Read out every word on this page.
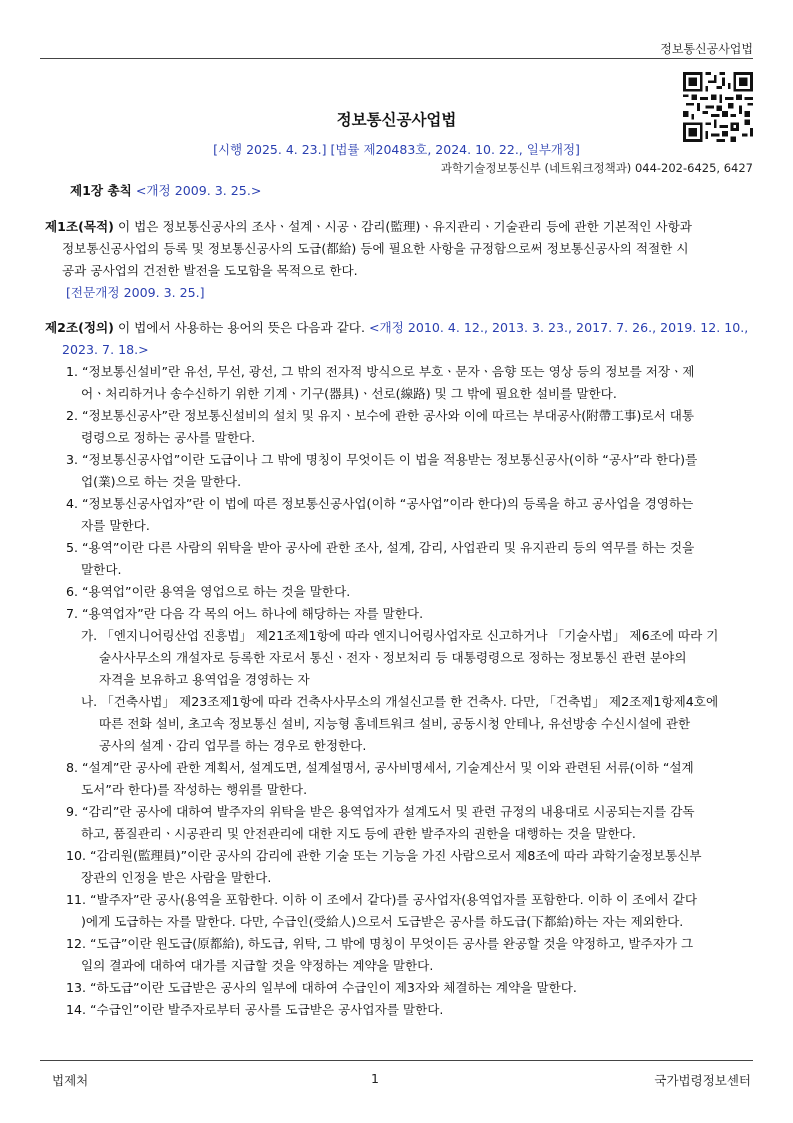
정보통신공사업법
정보통신공사업법
[시행 2025. 4. 23.] [법률 제20483호, 2024. 10. 22., 일부개정]
과학기술정보통신부 (네트워크정책과) 044-202-6425, 6427
제1장 총칙 <개정 2009. 3. 25.>
제1조(목적) 이 법은 정보통신공사의 조사ㆍ설계ㆍ시공ㆍ감리(監理)ㆍ유지관리ㆍ기술관리 등에 관한 기본적인 사항과
정보통신공사업의 등록 및 정보통신공사의 도급(都給) 등에 필요한 사항을 규정함으로써 정보통신공사의 적절한 시
공과 공사업의 건전한 발전을 도모함을 목적으로 한다.
[전문개정 2009. 3. 25.]
제2조(정의) 이 법에서 사용하는 용어의 뜻은 다음과 같다. <개정 2010. 4. 12., 2013. 3. 23., 2017. 7. 26., 2019. 12. 10.,
2023. 7. 18.>
1. “정보통신설비”란 유선, 무선, 광선, 그 밖의 전자적 방식으로 부호ㆍ문자ㆍ음향 또는 영상 등의 정보를 저장ㆍ제
어ㆍ처리하거나 송수신하기 위한 기계ㆍ기구(器具)ㆍ선로(線路) 및 그 밖에 필요한 설비를 말한다.
2. “정보통신공사”란 정보통신설비의 설치 및 유지ㆍ보수에 관한 공사와 이에 따르는 부대공사(附帶工事)로서 대통
령령으로 정하는 공사를 말한다.
3. “정보통신공사업”이란 도급이나 그 밖에 명칭이 무엇이든 이 법을 적용받는 정보통신공사(이하 “공사”라 한다)를
업(業)으로 하는 것을 말한다.
4. “정보통신공사업자”란 이 법에 따른 정보통신공사업(이하 “공사업”이라 한다)의 등록을 하고 공사업을 경영하는
자를 말한다.
5. “용역”이란 다른 사람의 위탁을 받아 공사에 관한 조사, 설계, 감리, 사업관리 및 유지관리 등의 역무를 하는 것을
말한다.
6. “용역업”이란 용역을 영업으로 하는 것을 말한다.
7. “용역업자”란 다음 각 목의 어느 하나에 해당하는 자를 말한다.
가. 「엔지니어링산업 진흥법」 제21조제1항에 따라 엔지니어링사업자로 신고하거나 「기술사법」 제6조에 따라 기
술사사무소의 개설자로 등록한 자로서 통신ㆍ전자ㆍ정보처리 등 대통령령으로 정하는 정보통신 관련 분야의
자격을 보유하고 용역업을 경영하는 자
나. 「건축사법」 제23조제1항에 따라 건축사사무소의 개설신고를 한 건축사. 다만, 「건축법」 제2조제1항제4호에
따른 전화 설비, 초고속 정보통신 설비, 지능형 홈네트워크 설비, 공동시청 안테나, 유선방송 수신시설에 관한
공사의 설계ㆍ감리 업무를 하는 경우로 한정한다.
8. “설계”란 공사에 관한 계획서, 설계도면, 설계설명서, 공사비명세서, 기술계산서 및 이와 관련된 서류(이하 “설계
도서”라 한다)를 작성하는 행위를 말한다.
9. “감리”란 공사에 대하여 발주자의 위탁을 받은 용역업자가 설계도서 및 관련 규정의 내용대로 시공되는지를 감독
하고, 품질관리ㆍ시공관리 및 안전관리에 대한 지도 등에 관한 발주자의 권한을 대행하는 것을 말한다.
10. “감리원(監理員)”이란 공사의 감리에 관한 기술 또는 기능을 가진 사람으로서 제8조에 따라 과학기술정보통신부
장관의 인정을 받은 사람을 말한다.
11. “발주자”란 공사(용역을 포함한다. 이하 이 조에서 같다)를 공사업자(용역업자를 포함한다. 이하 이 조에서 같다
)에게 도급하는 자를 말한다. 다만, 수급인(受給人)으로서 도급받은 공사를 하도급(下都給)하는 자는 제외한다.
12. “도급”이란 원도급(原都給), 하도급, 위탁, 그 밖에 명칭이 무엇이든 공사를 완공할 것을 약정하고, 발주자가 그
일의 결과에 대하여 대가를 지급할 것을 약정하는 계약을 말한다.
13. “하도급”이란 도급받은 공사의 일부에 대하여 수급인이 제3자와 체결하는 계약을 말한다.
14. “수급인”이란 발주자로부터 공사를 도급받은 공사업자를 말한다.
법제처	1	국가법령정보센터
